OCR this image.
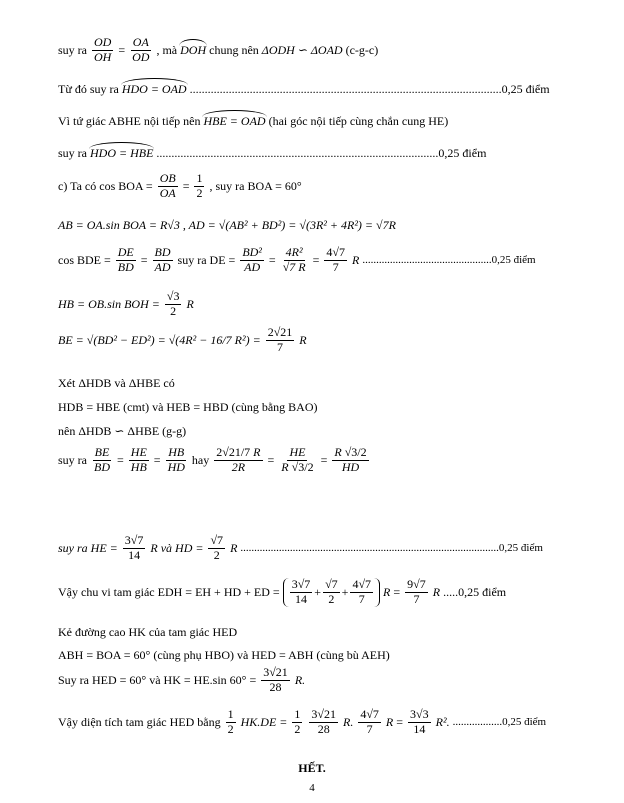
suy ra $\frac{OD}{OH} = \frac{OA}{OD}$ , mà DOH chung nên ΔODH ∽ ΔOAD (c-g-c)
Từ đó suy ra HDO = OAD ........................................................................................................0,25 điểm
Vì tứ giác ABHE nội tiếp nên HBE = OAD (hai góc nội tiếp cùng chắn cung HE)
suy ra HDO = HBE ..............................................................................................0,25 điểm
c) Ta có cos BOA = $\frac{OB}{OA} = \frac{1}{2}$ , suy ra BOA = 60°
AB = OA.sin BOA = R√3 , AD = √(AB² + BD²) = √(3R² + 4R²) = √7R
cos BDE = $\frac{DE}{BD} = \frac{BD}{AD}$ suy ra DE = $\frac{\text{BD²}}{AD} = \frac{\text{4R²}}{√7 R} = \frac{4√7}{7}$ R ...............................................0,25 điểm
HB = OB.sin BOH = $\frac{√3}{2}$ R
BE = √(BD² − ED²) = √(4R² − 16/7 $R^2) = \frac{2√21}{7}$ R
Xét ΔHDB và ΔHBE có
HDB = HBE (cmt) và HEB = HBD (cùng bằng BAO)
nên ΔHDB ∽ ΔHBE (g-g)
suy ra $\frac{BE}{BD} = \frac{HE}{HB} = \frac{HB}{HD}$ hay $\frac{2√21/7 R}{2R} = \frac{HE}{R √3/2} = \frac{R √3/2}{HD}$
suy ra HE = $\frac{3√7}{14}$ R và HD = $\frac{√7}{2}$ R ..............................................................................................0,25 điểm
Vậy chu vi tam giác EDH = EH + HD + ED = $\frac{3√7}{14} + \frac{√7}{2} + \frac{4√7}{7}$ $R = \frac{9√7}{7}$ R .....0,25 điểm
Kẻ đường cao HK của tam giác HED
ABH = BOA = 60° (cùng phụ HBO) và HED = ABH (cùng bù AEH)
Suy ra HED = 60° và HK = HE.sin $60^\circ = \frac{3√21}{28} R$.
Vậy diện tích tam giác HED bằng $\frac{1}{2} HK.DE = \frac{1}{2} \frac{3√21}{28} R$. $\frac{4√7}{7}$ $R = \frac{3√3}{14} R^2$. ..................0,25 điểm
HẾT.
4
